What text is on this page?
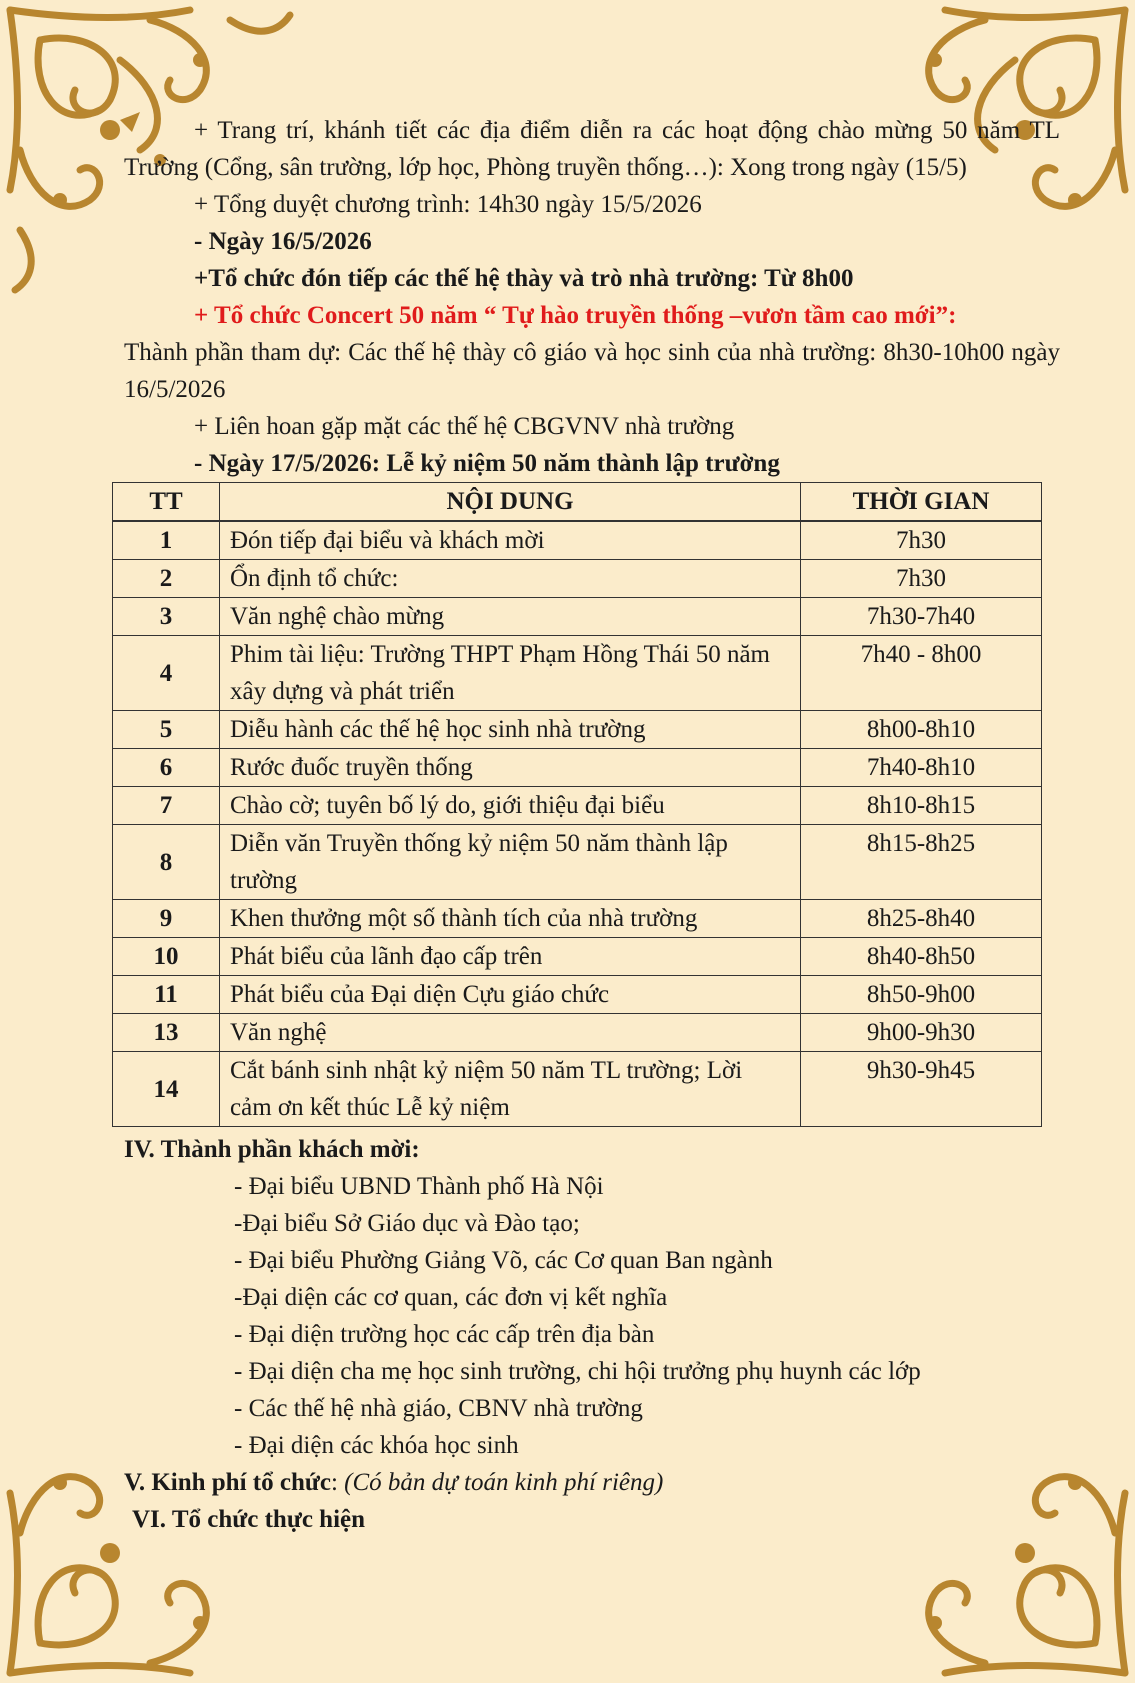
+ Trang trí, khánh tiết các địa điểm diễn ra các hoạt động chào mừng 50 năm TL Trường (Cổng, sân trường, lớp học, Phòng truyền thống…): Xong trong ngày (15/5)

+ Tổng duyệt chương trình: 14h30 ngày 15/5/2026

- Ngày 16/5/2026

+Tổ chức đón tiếp các thế hệ thày và trò nhà trường: Từ 8h00

+ Tổ chức Concert 50 năm “ Tự hào truyền thống –vươn tầm cao mới”:

Thành phần tham dự: Các thế hệ thày cô giáo và học sinh của nhà trường: 8h30-10h00 ngày 16/5/2026

+ Liên hoan gặp mặt các thế hệ CBGVNV nhà trường

- Ngày 17/5/2026: Lễ kỷ niệm 50 năm thành lập trường

TT	NỘI DUNG	THỜI GIAN
1	Đón tiếp đại biểu và khách mời	7h30
2	Ổn định tổ chức:	7h30
3	Văn nghệ chào mừng	7h30-7h40
4	Phim tài liệu: Trường THPT Phạm Hồng Thái 50 năm xây dựng và phát triển	7h40 - 8h00
5	Diễu hành các thế hệ học sinh nhà trường	8h00-8h10
6	Rước đuốc truyền thống	7h40-8h10
7	Chào cờ; tuyên bố lý do, giới thiệu đại biểu	8h10-8h15
8	Diễn văn Truyền thống kỷ niệm 50 năm thành lập trường	8h15-8h25
9	Khen thưởng một số thành tích của nhà trường	8h25-8h40
10	Phát biểu của lãnh đạo cấp trên	8h40-8h50
11	Phát biểu của Đại diện Cựu giáo chức	8h50-9h00
13	Văn nghệ	9h00-9h30
14	Cắt bánh sinh nhật kỷ niệm 50 năm TL trường; Lời cảm ơn kết thúc Lễ kỷ niệm	9h30-9h45

IV. Thành phần khách mời:

- Đại biểu UBND Thành phố Hà Nội

-Đại biểu Sở Giáo dục và Đào tạo;

- Đại biểu Phường Giảng Võ, các Cơ quan Ban ngành

-Đại diện các cơ quan, các đơn vị kết nghĩa

- Đại diện trường học các cấp trên địa bàn

- Đại diện cha mẹ học sinh trường, chi hội trưởng phụ huynh các lớp

- Các thế hệ nhà giáo, CBNV nhà trường

- Đại diện các khóa học sinh

V. Kinh phí tổ chức: (Có bản dự toán kinh phí riêng)

VI. Tổ chức thực hiện
